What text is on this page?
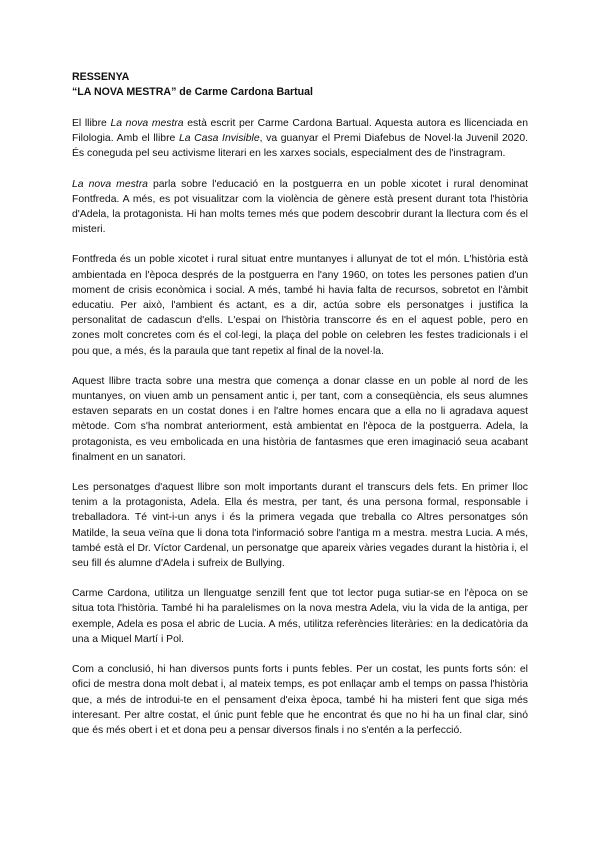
RESSENYA
“LA NOVA MESTRA” de Carme Cardona Bartual

El llibre La nova mestra està escrit per Carme Cardona Bartual. Aquesta autora es llicenciada en Filologia. Amb el llibre La Casa Invisible, va guanyar el Premi Diafebus de Novel·la Juvenil 2020. És coneguda pel seu activisme literari en les xarxes socials, especialment des de l'instragram.

La nova mestra parla sobre l'educació en la postguerra en un poble xicotet i rural denominat Fontfreda. A més, es pot visualitzar com la violència de gènere està present durant tota l'història d'Adela, la protagonista. Hi han molts temes més que podem descobrir durant la llectura com és el misteri.

Fontfreda és un poble xicotet i rural situat entre muntanyes i allunyat de tot el món. L'història està ambientada en l'època després de la postguerra en l'any 1960, on totes les persones patien d'un moment de crisis econòmica i social. A més, també hi havia falta de recursos, sobretot en l'àmbit educatiu. Per això, l'ambient és actant, es a dir, actúa sobre els personatges i justifica la personalitat de cadascun d'ells. L'espai on l'història transcorre és en el aquest poble, pero en zones molt concretes com és el col·legi, la plaça del poble on celebren les festes tradicionals i el pou que, a més, és la paraula que tant repetix al final de la novel·la.

Aquest llibre tracta sobre una mestra que comença a donar classe en un poble al nord de les muntanyes, on viuen amb un pensament antic i, per tant, com a conseqüència, els seus alumnes estaven separats en un costat dones i en l'altre homes encara que a ella no li agradava aquest mètode. Com s'ha nombrat anteriorment, està ambientat en l'època de la postguerra. Adela, la protagonista, es veu embolicada en una història de fantasmes que eren imaginació seua acabant finalment en un sanatori.

Les personatges d'aquest llibre son molt importants durant el transcurs dels fets. En primer lloc tenim a la protagonista, Adela. Ella és mestra, per tant, és una persona formal, responsable i treballadora. Té vint-i-un anys i és la primera vegada que treballa co Altres personatges són Matilde, la seua veïna que li dona tota l'informació sobre l'antiga m a mestra. mestra Lucia. A més, també està el Dr. Víctor Cardenal, un personatge que apareix vàries vegades durant la història i, el seu fill és alumne d'Adela i sufreix de Bullying.

Carme Cardona, utilitza un llenguatge senzill fent que tot lector puga sutiar-se en l'època on se situa tota l'història. També hi ha paralelismes on la nova mestra Adela, viu la vida de la antiga, per exemple, Adela es posa el abric de Lucia. A més, utilitza referències literàries: en la dedicatòria da una a Miquel Martí i Pol.

Com a conclusió, hi han diversos punts forts i punts febles. Per un costat, les punts forts són: el ofici de mestra dona molt debat i, al mateix temps, es pot enllaçar amb el temps on passa l'història que, a més de introdui-te en el pensament d'eixa època, també hi ha misteri fent que siga més interesant. Per altre costat, el únic punt feble que he encontrat és que no hi ha un final clar, sinó que és més obert i et et dona peu a pensar diversos finals i no s'entén a la perfecció.
